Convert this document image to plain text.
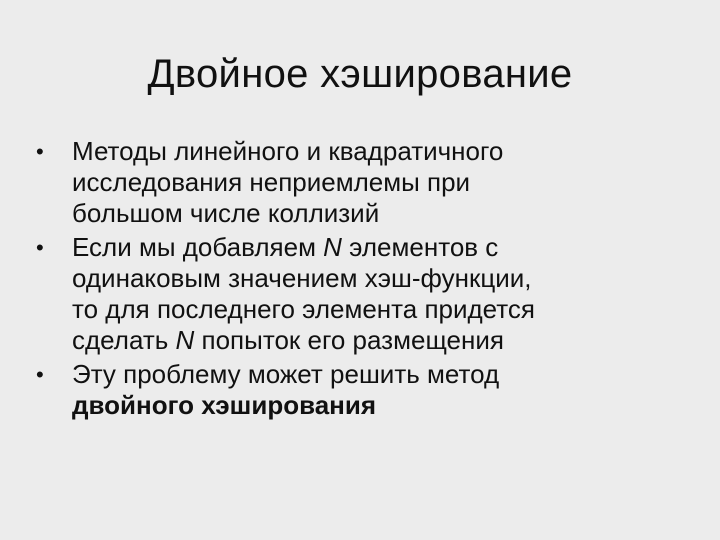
Двойное хэширование
• Методы линейного и квадратичного
исследования неприемлемы при
большом числе коллизий
• Если мы добавляем N элементов с
одинаковым значением хэш-функции,
то для последнего элемента придется
сделать N попыток его размещения
• Эту проблему может решить метод
двойного хэширования
